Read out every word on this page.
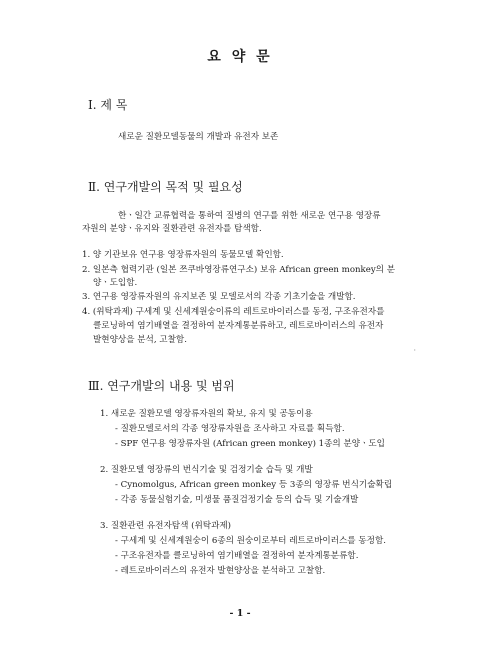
요 약 문
Ⅰ. 제 목
새로운 질환모델동물의 개발과 유전자 보존
Ⅱ. 연구개발의 목적 및 필요성
한ㆍ일간 교류협력을 통하여 질병의 연구를 위한 새로운 연구용 영장류
자원의 분양ㆍ유지와 질환관련 유전자를 탐색함.
1. 양 기관보유 연구용 영장류자원의 동물모델 확인함.
2. 일본측 협력기관 (일본 쯔쿠바영장류연구소) 보유 African green monkey의 분
양ㆍ도입함.
3. 연구용 영장류자원의 유지보존 및 모델로서의 각종 기초기술을 개발함.
4. (위탁과제) 구세계 및 신세계원숭이류의 레트로바이러스를 동정, 구조유전자를
클로닝하여 염기배열을 결정하여 분자계통분류하고, 레트로바이러스의 유전자
발현양상을 분석, 고찰함.
·
Ⅲ. 연구개발의 내용 및 범위
1. 새로운 질환모델 영장류자원의 확보, 유지 및 공동이용
- 질환모델로서의 각종 영장류자원을 조사하고 자료를 획득함.
- SPF 연구용 영장류자원 (African green monkey) 1종의 분양ㆍ도입
2. 질환모델 영장류의 번식기술 및 검정기술 습득 및 개발
- Cynomolgus, African green monkey 등 3종의 영장류 번식기술확립
- 각종 동물실험기술, 미생물 품질검정기술 등의 습득 및 기술개발
3. 질환관련 유전자탐색 (위탁과제)
- 구세계 및 신세계원숭이 6종의 원숭이로부터 레트로바이러스를 동정함.
- 구조유전자를 클로닝하여 염기배열을 결정하여 분자계통분류함.
- 레트로바이러스의 유전자 발현양상을 분석하고 고찰함.
- 1 -
